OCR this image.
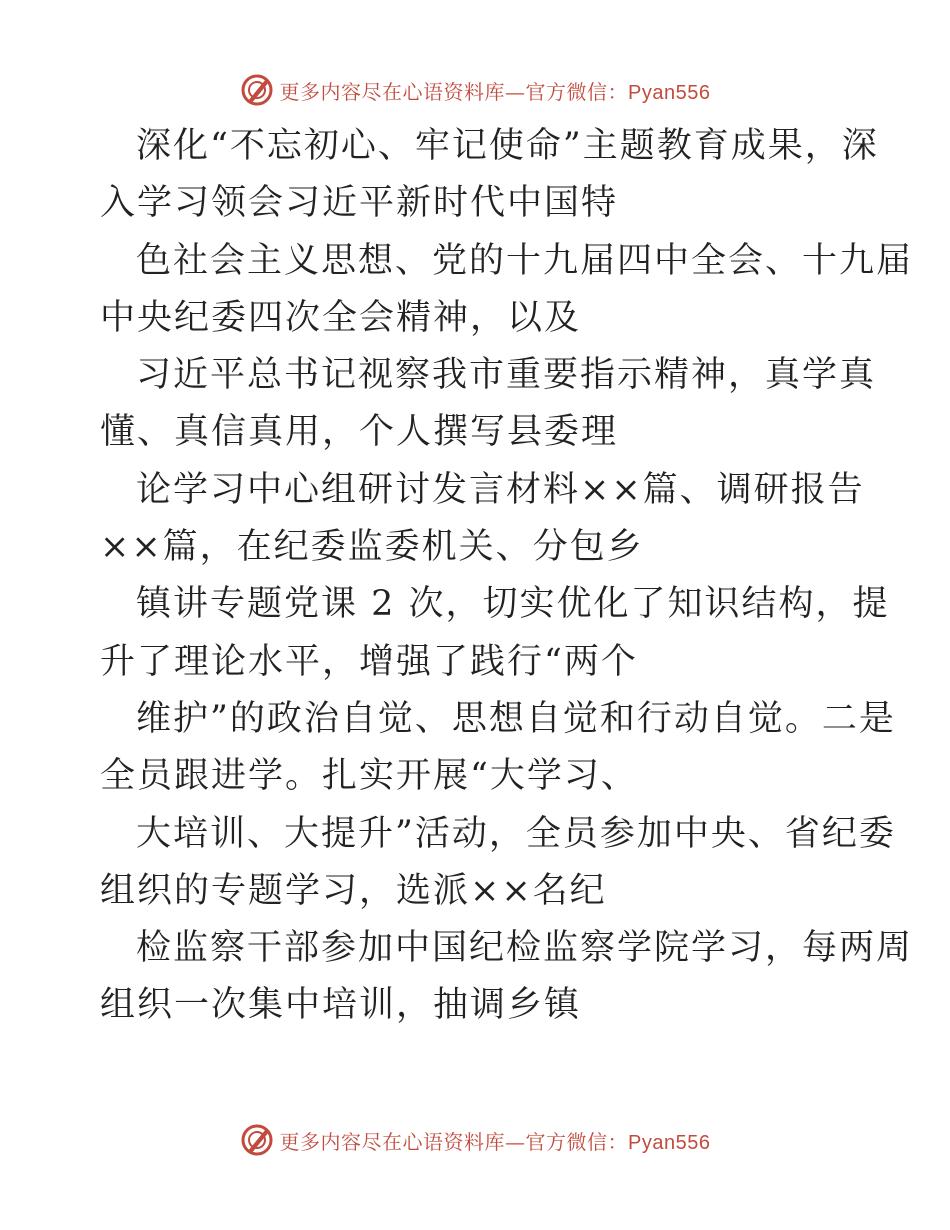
更多内容尽在心语资料库—官方微信：Pyan556
深化“不忘初心、牢记使命”主题教育成果，深
入学习领会习近平新时代中国特
色社会主义思想、党的十九届四中全会、十九届
中央纪委四次全会精神，以及
习近平总书记视察我市重要指示精神，真学真
懂、真信真用，个人撰写县委理
论学习中心组研讨发言材料××篇、调研报告
××篇，在纪委监委机关、分包乡
镇讲专题党课 2 次，切实优化了知识结构，提
升了理论水平，增强了践行“两个
维护”的政治自觉、思想自觉和行动自觉。二是
全员跟进学。扎实开展“大学习、
大培训、大提升”活动，全员参加中央、省纪委
组织的专题学习，选派××名纪
检监察干部参加中国纪检监察学院学习，每两周
组织一次集中培训，抽调乡镇
更多内容尽在心语资料库—官方微信：Pyan556
